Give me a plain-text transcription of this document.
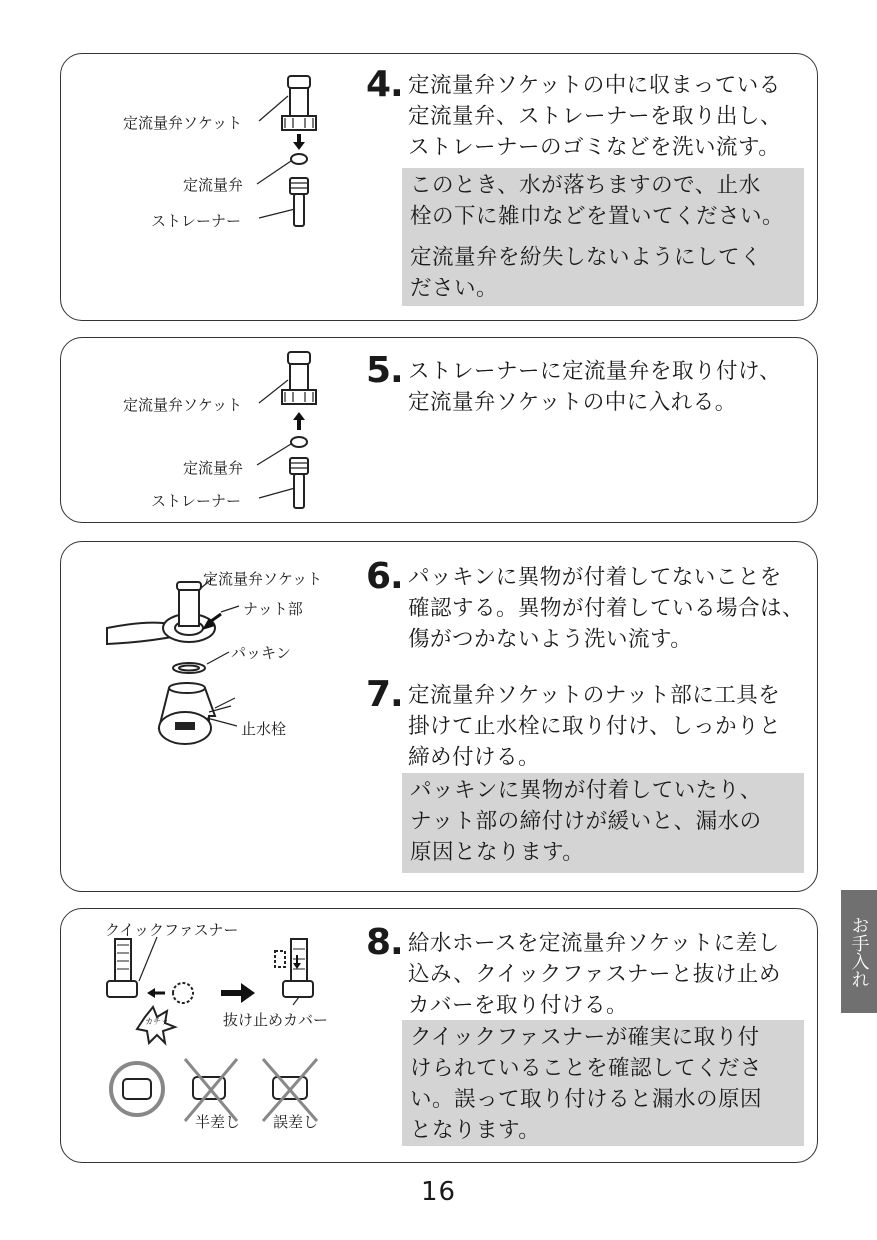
定流量弁ソケット
定流量弁
ストレーナー
4. 定流量弁ソケットの中に収まっている
定流量弁、ストレーナーを取り出し、
ストレーナーのゴミなどを洗い流す。
このとき、水が落ちますので、止水
栓の下に雑巾などを置いてください。
定流量弁を紛失しないようにしてく
ださい。
定流量弁ソケット
定流量弁
ストレーナー
5. ストレーナーに定流量弁を取り付け、
定流量弁ソケットの中に入れる。
定流量弁ソケット
ナット部
パッキン
止水栓
6. パッキンに異物が付着してないことを
確認する。異物が付着している場合は、
傷がつかないよう洗い流す。
7. 定流量弁ソケットのナット部に工具を
掛けて止水栓に取り付け、しっかりと
締め付ける。
パッキンに異物が付着していたり、
ナット部の締付けが緩いと、漏水の
原因となります。
クイックファスナー
カチッ	抜け止めカバー
半差し 誤差し
8. 給水ホースを定流量弁ソケットに差し
込み、クイックファスナーと抜け止め
カバーを取り付ける。
クイックファスナーが確実に取り付
けられていることを確認してくださ
い。誤って取り付けると漏水の原因
となります。
お手入れ
16
